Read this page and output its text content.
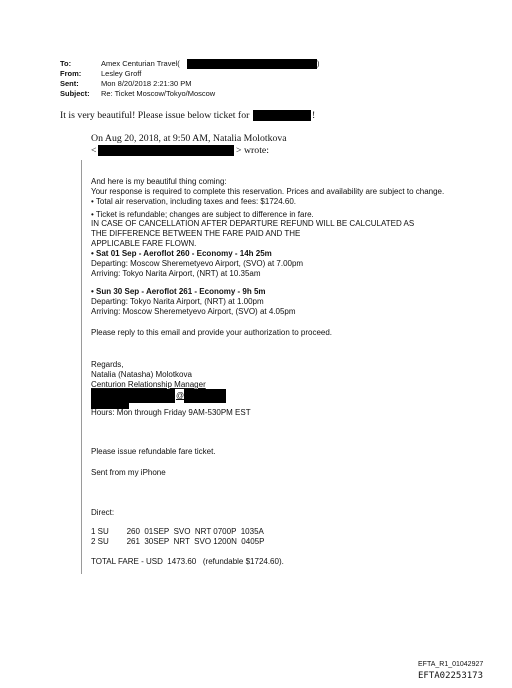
To:	Amex Centurian Travel(	)
From:	Lesley Groff
Sent:	Mon 8/20/2018 2:21:30 PM
Subject: Re: Ticket Moscow/Tokyo/Moscow
It is very beautiful! Please issue below ticket for	!
On Aug 20, 2018, at 9:50 AM, Natalia Molotkova
<	> wrote:
And here is my beautiful thing coming:
Your response is required to complete this reservation. Prices and availability are subject to change.
• Total air reservation, including taxes and fees: $1724.60.
• Ticket is refundable; changes are subject to difference in fare.
IN CASE OF CANCELLATION AFTER DEPARTURE REFUND WILL BE CALCULATED AS
THE DIFFERENCE BETWEEN THE FARE PAID AND THE
APPLICABLE FARE FLOWN.
• Sat 01 Sep - Aeroflot 260 - Economy - 14h 25m
Departing: Moscow Sheremetyevo Airport, (SVO) at 7.00pm
Arriving: Tokyo Narita Airport, (NRT) at 10.35am
• Sun 30 Sep - Aeroflot 261 - Economy - 9h 5m
Departing: Tokyo Narita Airport, (NRT) at 1.00pm
Arriving: Moscow Sheremetyevo Airport, (SVO) at 4.05pm
Please reply to this email and provide your authorization to proceed.
Regards,
Natalia (Natasha) Molotkova
Centurion Relationship Manager
@
Hours: Mon through Friday 9AM-530PM EST
Please issue refundable fare ticket.
Sent from my iPhone
Direct:
1 SU        260  01SEP  SVO  NRT 0700P  1035A
2 SU        261  30SEP  NRT  SVO 1200N  0405P
TOTAL FARE - USD  1473.60   (refundable $1724.60).
EFTA_R1_01042927
EFTA02253173
